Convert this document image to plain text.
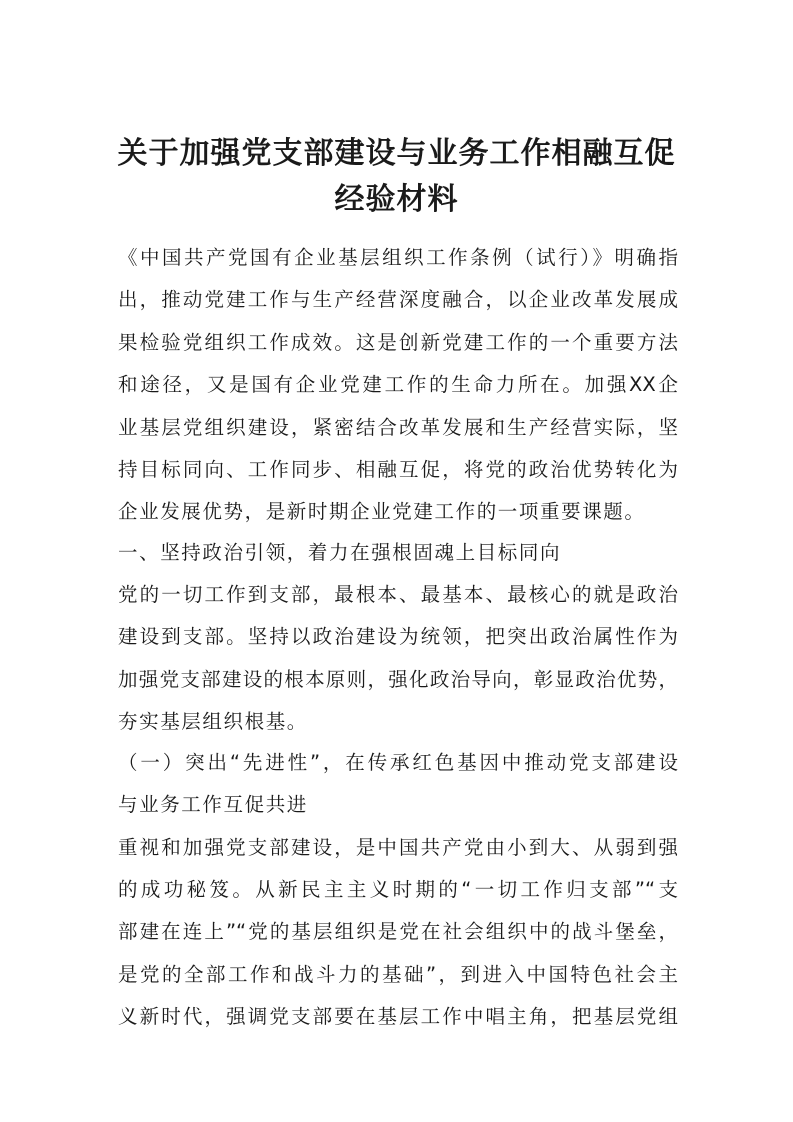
关于加强党支部建设与业务工作相融互促
经验材料
《中国共产党国有企业基层组织工作条例（试行）》明确指
出，推动党建工作与生产经营深度融合，以企业改革发展成
果检验党组织工作成效。这是创新党建工作的一个重要方法
和途径，又是国有企业党建工作的生命力所在。加强XX企
业基层党组织建设，紧密结合改革发展和生产经营实际，坚
持目标同向、工作同步、相融互促，将党的政治优势转化为
企业发展优势，是新时期企业党建工作的一项重要课题。
一、坚持政治引领，着力在强根固魂上目标同向
党的一切工作到支部，最根本、最基本、最核心的就是政治
建设到支部。坚持以政治建设为统领，把突出政治属性作为
加强党支部建设的根本原则，强化政治导向，彰显政治优势，
夯实基层组织根基。
（一）突出“先进性”，在传承红色基因中推动党支部建设
与业务工作互促共进
重视和加强党支部建设，是中国共产党由小到大、从弱到强
的成功秘笈。从新民主主义时期的“一切工作归支部”“支
部建在连上”“党的基层组织是党在社会组织中的战斗堡垒，
是党的全部工作和战斗力的基础”，到进入中国特色社会主
义新时代，强调党支部要在基层工作中唱主角，把基层党组
